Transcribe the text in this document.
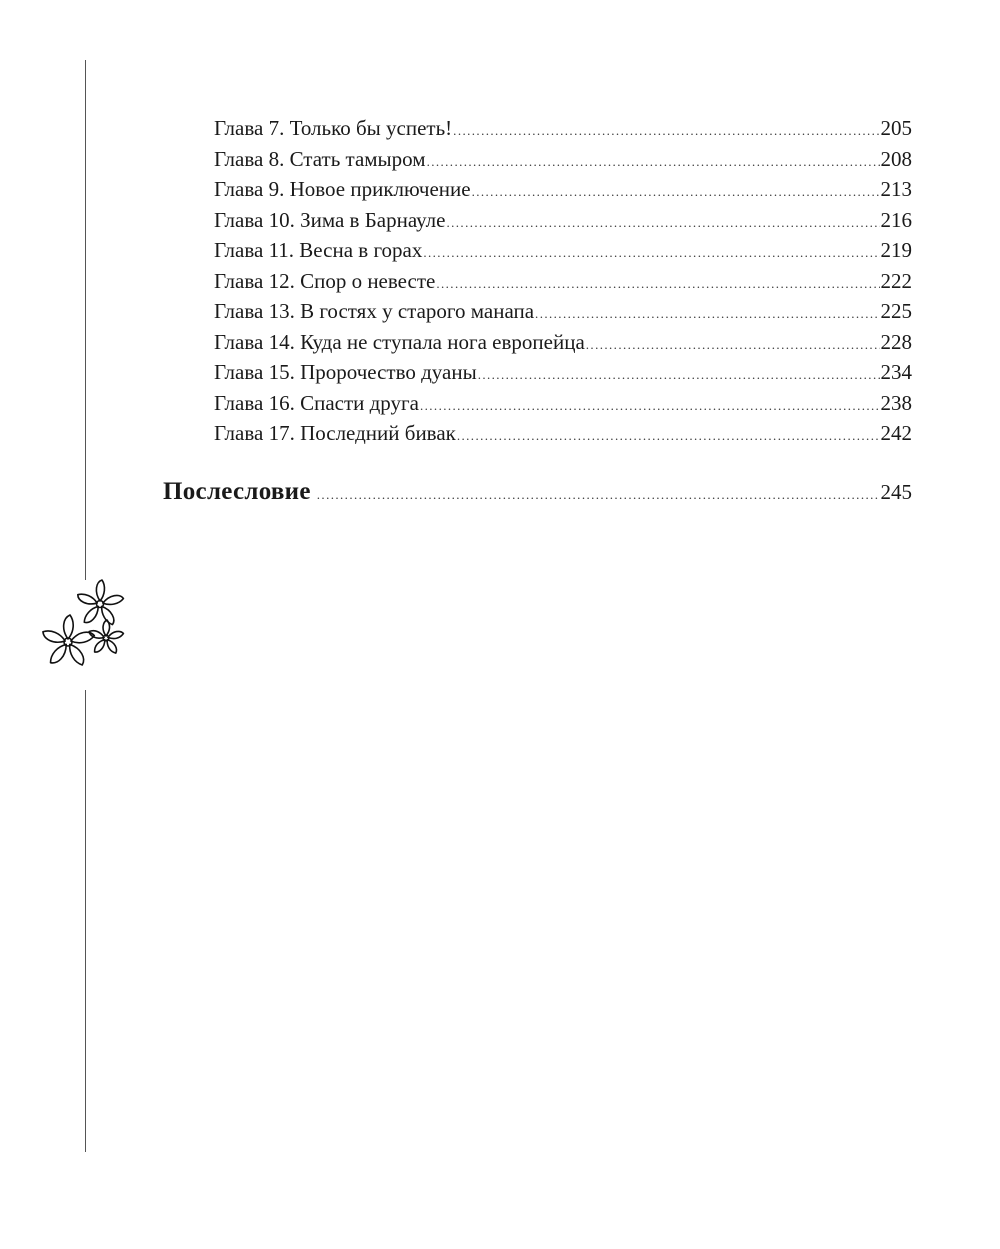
Глава 7. Только бы успеть! .....	205
Глава 8. Стать тамыром .....	208
Глава 9. Новое приключение .....	213
Глава 10. Зима в Барнауле .....	216
Глава 11. Весна в горах .....	219
Глава 12. Спор о невесте .....	222
Глава 13. В гостях у старого манапа .....	225
Глава 14. Куда не ступала нога европейца .....	228
Глава 15. Пророчество дуаны .....	234
Глава 16. Спасти друга .....	238
Глава 17. Последний бивак .....	242
Послесловие .....	245
